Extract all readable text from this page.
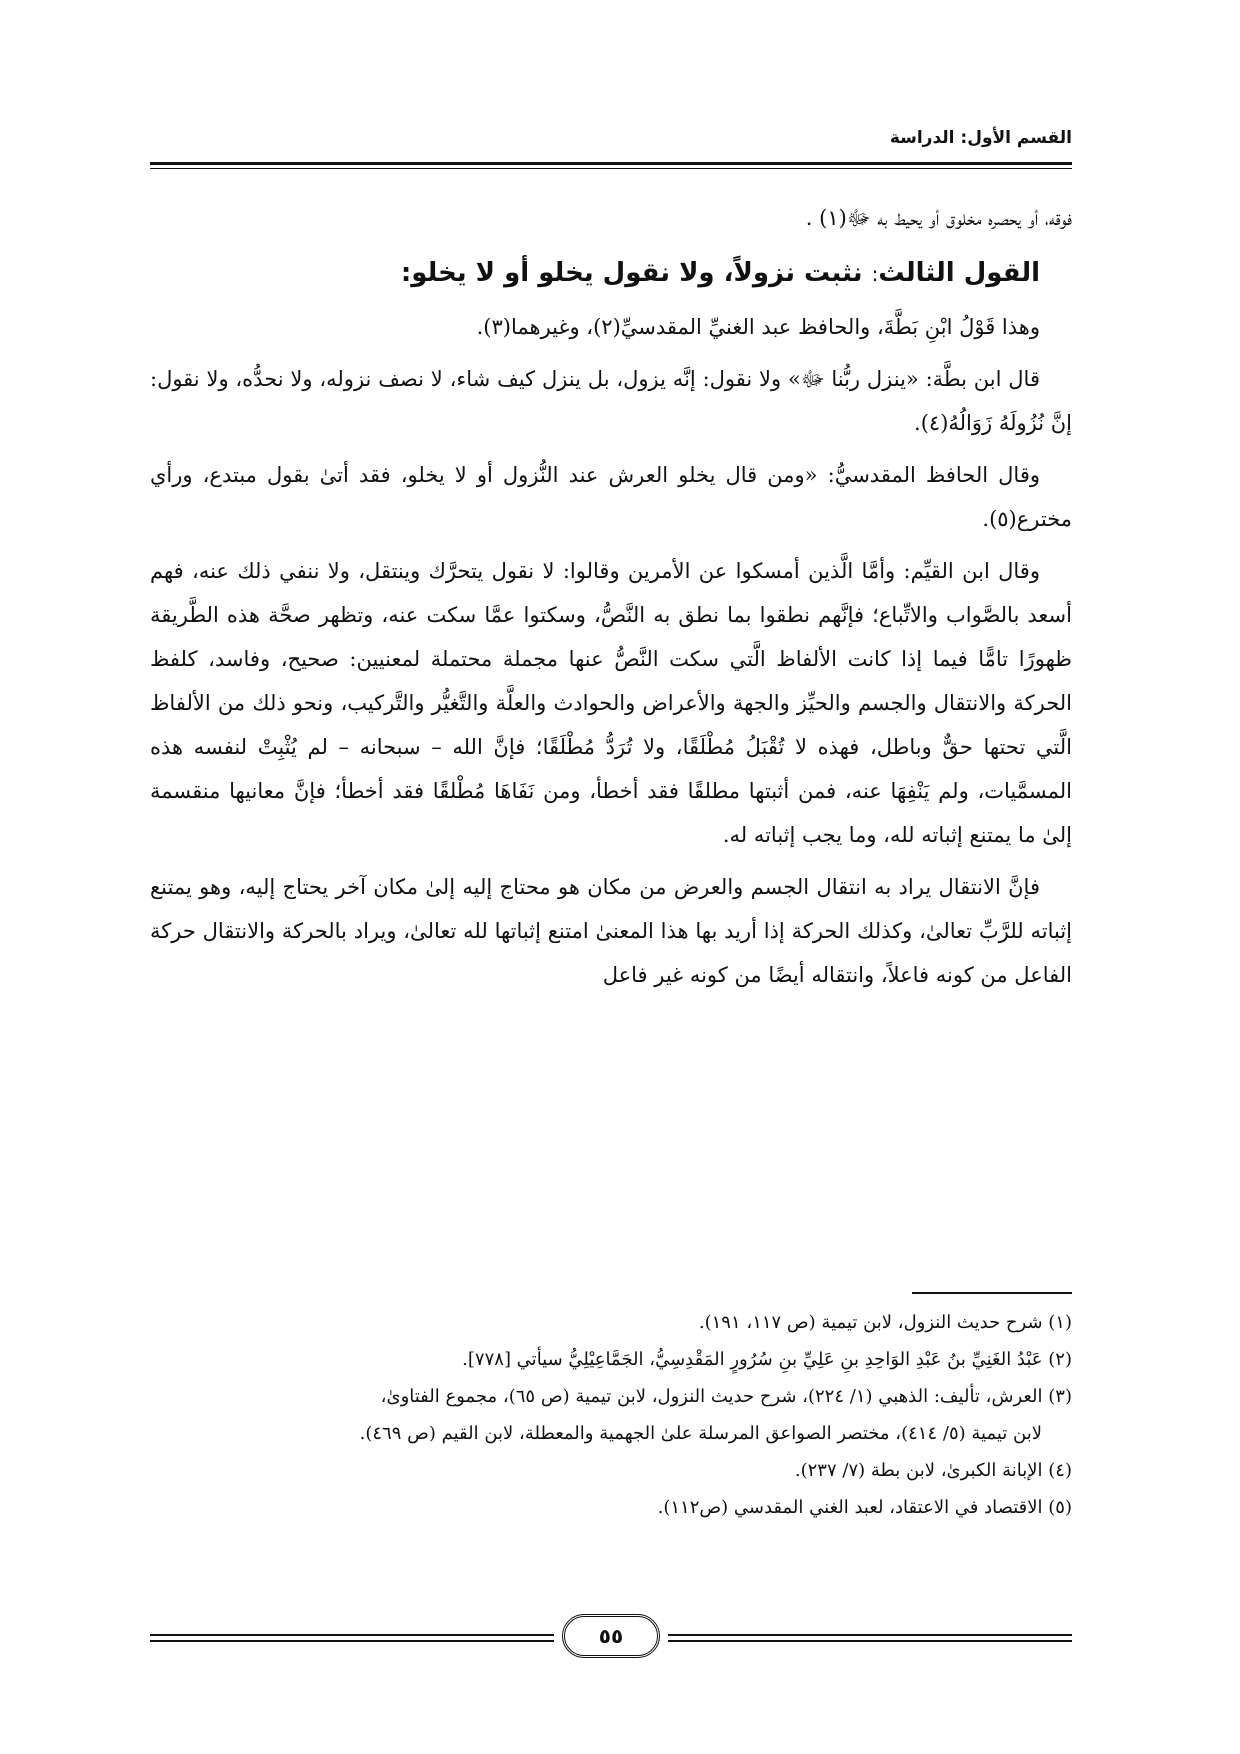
القسم الأول: الدراسة

فوقه، أو يحصره مخلوق أو يحيط به ﷻ(١) .

القول الثالث: نثبت نزولاً، ولا نقول يخلو أو لا يخلو:

وهذا قَوْلُ ابْنِ بَطَّةَ، والحافظ عبد الغنيِّ المقدسيِّ(٢)، وغيرهما(٣).

قال ابن بطَّة: «ينزل ربُّنا ﷻ» ولا نقول: إنَّه يزول، بل ينزل كيف شاء، لا نصف نزوله، ولا نحدُّه، ولا نقول: إنَّ نُزُولَهُ زَوَالُهُ(٤).

وقال الحافظ المقدسيُّ: «ومن قال يخلو العرش عند النُّزول أو لا يخلو، فقد أتىٰ بقول مبتدع، ورأي مخترع(٥).

وقال ابن القيِّم: وأمَّا الَّذين أمسكوا عن الأمرين وقالوا: لا نقول يتحرَّك وينتقل، ولا ننفي ذلك عنه، فهم أسعد بالصَّواب والاتِّباع؛ فإنَّهم نطقوا بما نطق به النَّصُّ، وسكتوا عمَّا سكت عنه، وتظهر صحَّة هذه الطَّريقة ظهورًا تامًّا فيما إذا كانت الألفاظ الَّتي سكت النَّصُّ عنها مجملة محتملة لمعنيين: صحيح، وفاسد، كلفظ الحركة والانتقال والجسم والحيِّز والجهة والأعراض والحوادث والعلَّة والتَّغيُّر والتَّركيب، ونحو ذلك من الألفاظ الَّتي تحتها حقٌّ وباطل، فهذه لا تُقْبَلُ مُطْلَقًا، ولا تُرَدُّ مُطْلَقًا؛ فإنَّ الله – سبحانه – لم يُثْبِتْ لنفسه هذه المسمَّيات، ولم يَنْفِهَا عنه، فمن أثبتها مطلقًا فقد أخطأ، ومن نَفَاهَا مُطْلقًا فقد أخطأ؛ فإنَّ معانيها منقسمة إلىٰ ما يمتنع إثباته لله، وما يجب إثباته له.

فإنَّ الانتقال يراد به انتقال الجسم والعرض من مكان هو محتاج إليه إلىٰ مكان آخر يحتاج إليه، وهو يمتنع إثباته للرَّبِّ تعالىٰ، وكذلك الحركة إذا أريد بها هذا المعنىٰ امتنع إثباتها لله تعالىٰ، ويراد بالحركة والانتقال حركة الفاعل من كونه فاعلاً، وانتقاله أيضًا من كونه غير فاعل

(١) شرح حديث النزول، لابن تيمية (ص ١١٧، ١٩١).
(٢) عَبْدُ الغَنِيِّ بنُ عَبْدِ الوَاحِدِ بنِ عَلِيِّ بنِ سُرُورٍ المَقْدِسِيُّ، الجَمَّاعِيْلِيُّ سيأتي [٧٧٨].
(٣) العرش، تأليف: الذهبي (١/ ٢٢٤)، شرح حديث النزول، لابن تيمية (ص ٦٥)، مجموع الفتاوىٰ،
لابن تيمية (٥/ ٤١٤)، مختصر الصواعق المرسلة علىٰ الجهمية والمعطلة، لابن القيم (ص ٤٦٩).
(٤) الإبانة الكبرىٰ، لابن بطة (٧/ ٢٣٧).
(٥) الاقتصاد في الاعتقاد، لعبد الغني المقدسي (ص١١٢).
٥٥
